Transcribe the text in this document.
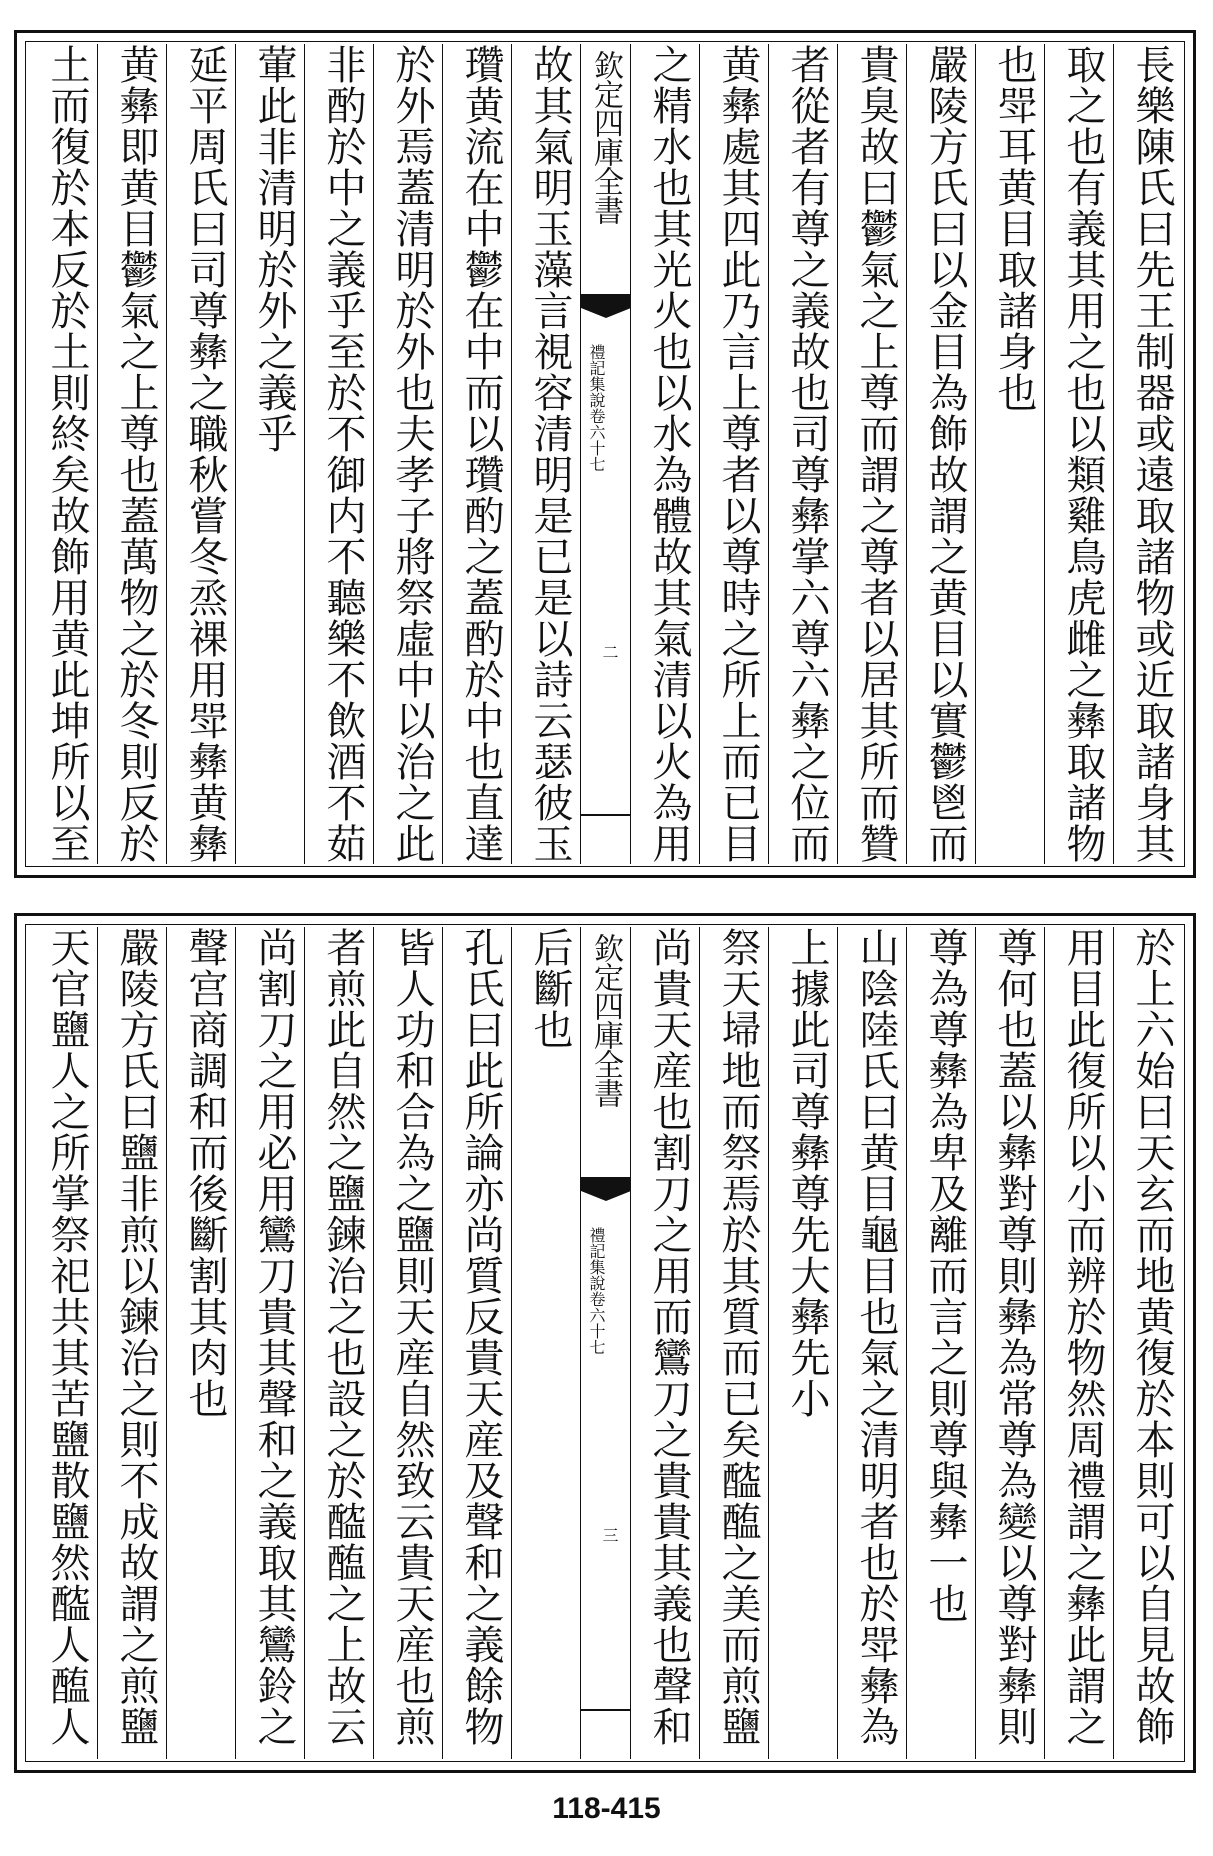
長樂陳氏曰先王制器或遠取諸物或近取諸身其
取之也有義其用之也以類雞鳥虎雌之彝取諸物
也斝耳黄目取諸身也
嚴陵方氏曰以金目為飾故謂之黄目以實鬱鬯而
貴臭故曰鬱氣之上尊而謂之尊者以居其所而贊
者從者有尊之義故也司尊彝掌六尊六彝之位而
黄彝處其四此乃言上尊者以尊時之所上而已目
之精水也其光火也以水為體故其氣清以火為用
欽定四庫全書
禮記集說卷六十七
二
故其氣明玉藻言視容清明是已是以詩云瑟彼玉
瓚黄流在中鬱在中而以瓚酌之蓋酌於中也直達
於外焉蓋清明於外也夫孝子將祭虛中以治之此
非酌於中之義乎至於不御内不聽樂不飲酒不茹
葷此非清明於外之義乎
延平周氏曰司尊彝之職秋嘗冬烝祼用斝彝黄彝
黄彝即黄目鬱氣之上尊也蓋萬物之於冬則反於
土而復於本反於土則終矣故飾用黄此坤所以至
於上六始曰天玄而地黄復於本則可以自見故飾
用目此復所以小而辨於物然周禮謂之彝此謂之
尊何也蓋以彝對尊則彝為常尊為變以尊對彝則
尊為尊彝為卑及離而言之則尊與彝一也
山陰陸氏曰黄目龜目也氣之清明者也於斝彝為
上據此司尊彝尊先大彝先小
祭天埽地而祭焉於其質而已矣醓醢之美而煎鹽
尚貴天産也割刀之用而鸞刀之貴貴其義也聲和
欽定四庫全書
禮記集說卷六十七
三
后斷也
孔氏曰此所論亦尚質反貴天産及聲和之義餘物
皆人功和合為之鹽則天産自然致云貴天産也煎
者煎此自然之鹽鍊治之也設之於醓醢之上故云
尚割刀之用必用鸞刀貴其聲和之義取其鸞鈴之
聲宫商調和而後斷割其肉也
嚴陵方氏曰鹽非煎以鍊治之則不成故謂之煎鹽
天官鹽人之所掌祭祀共其苦鹽散鹽然醓人醢人
118-415
